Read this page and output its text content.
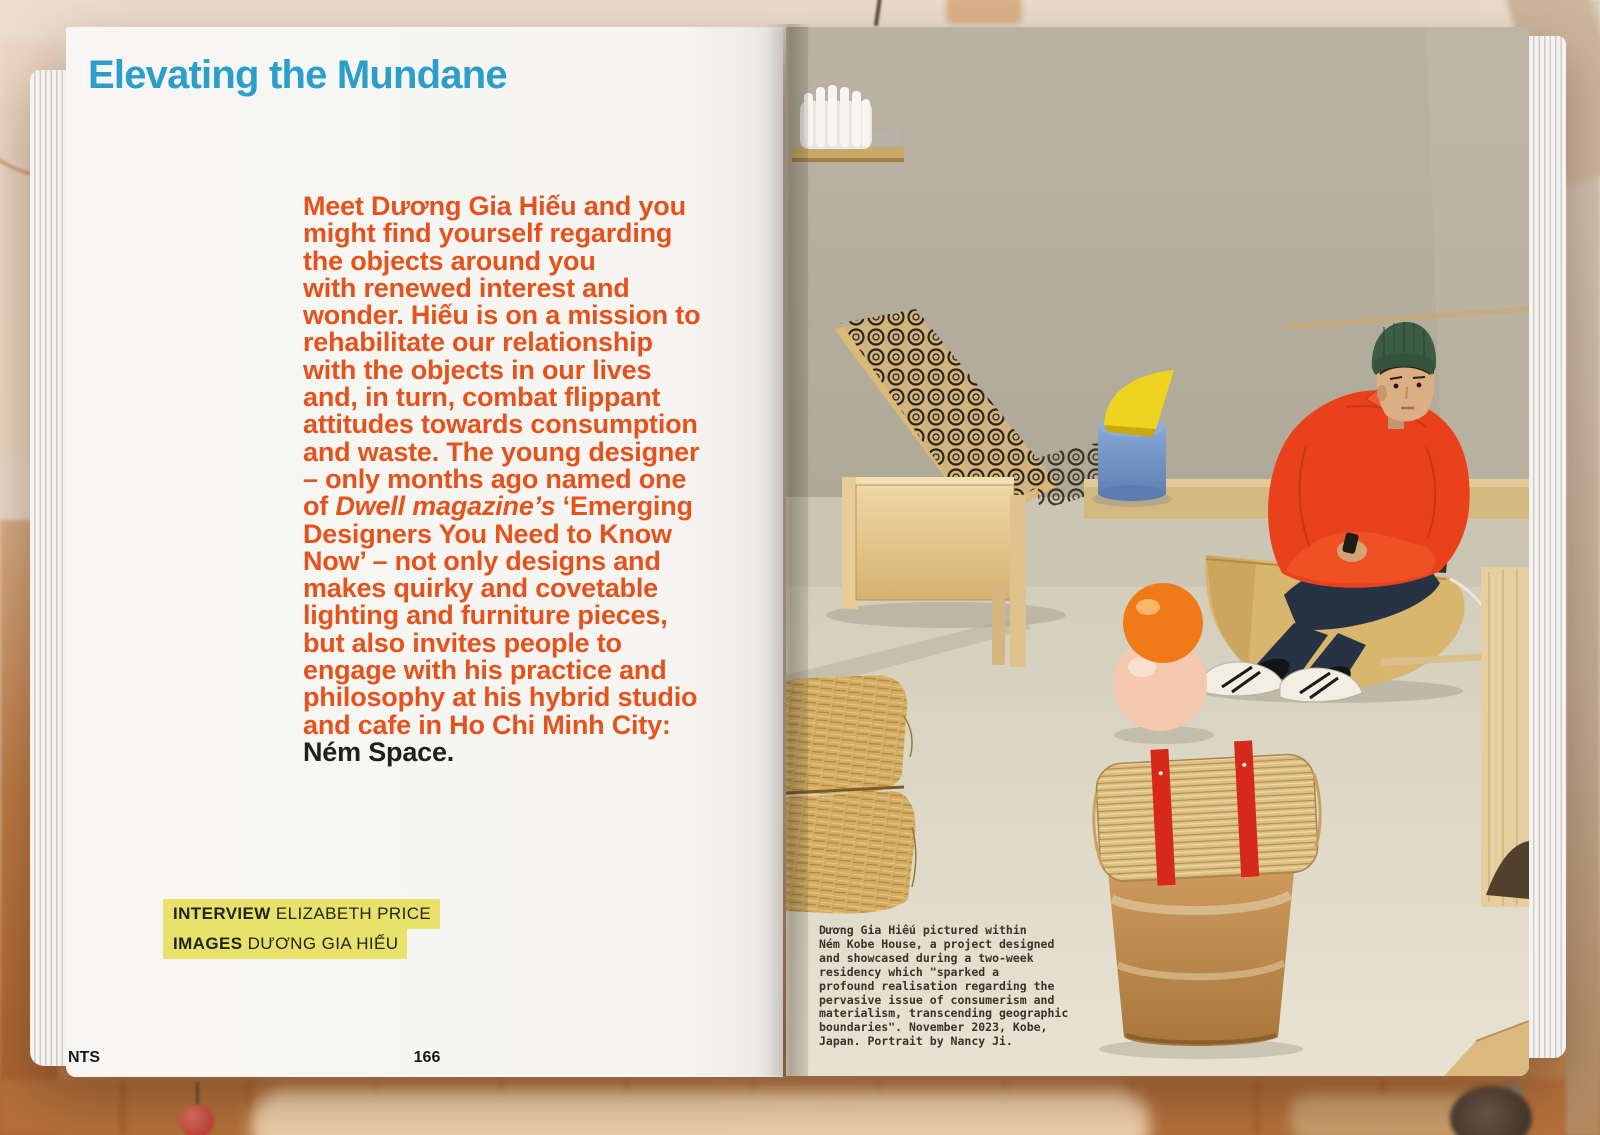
Elevating the Mundane
Meet Dương Gia Hiếu and you
might find yourself regarding
the objects around you
with renewed interest and
wonder. Hiếu is on a mission to
rehabilitate our relationship
with the objects in our lives
and, in turn, combat flippant
attitudes towards consumption
and waste. The young designer
– only months ago named one
of Dwell magazine’s ‘Emerging
Designers You Need to Know
Now’ – not only designs and
makes quirky and covetable
lighting and furniture pieces,
but also invites people to
engage with his practice and
philosophy at his hybrid studio
and cafe in Ho Chi Minh City:
Ném Space.
INTERVIEW ELIZABETH PRICE
IMAGES DƯƠNG GIA HIẾU
NTS	166
Dương Gia Hiếu pictured within
Ném Kobe House, a project designed
and showcased during a two-week
residency which "sparked a
profound realisation regarding the
pervasive issue of consumerism and
materialism, transcending geographic
boundaries". November 2023, Kobe,
Japan. Portrait by Nancy Ji.
